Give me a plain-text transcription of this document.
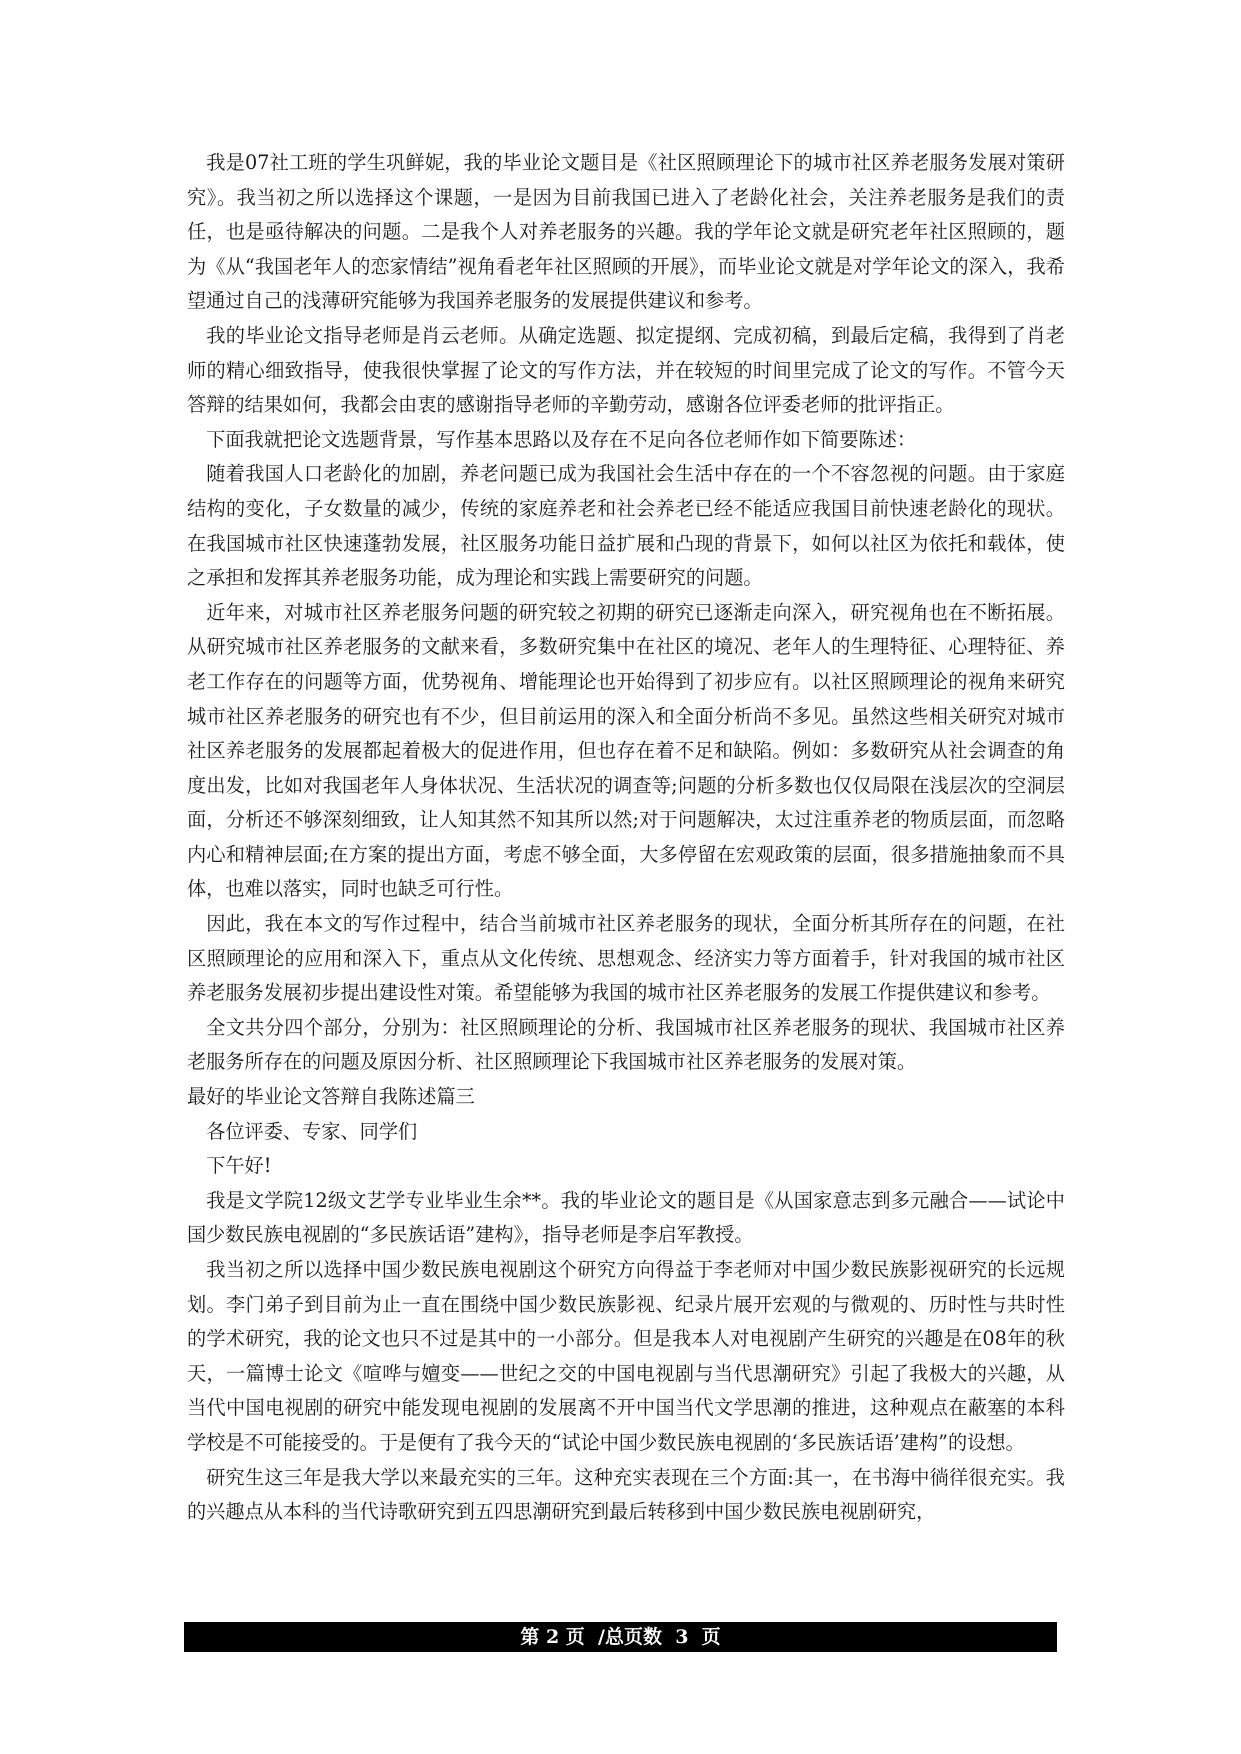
我是07社工班的学生巩鲜妮，我的毕业论文题目是《社区照顾理论下的城市社区养老服务发展对策研究》。我当初之所以选择这个课题，一是因为目前我国已进入了老龄化社会，关注养老服务是我们的责任，也是亟待解决的问题。二是我个人对养老服务的兴趣。我的学年论文就是研究老年社区照顾的，题为《从“我国老年人的恋家情结”视角看老年社区照顾的开展》，而毕业论文就是对学年论文的深入，我希望通过自己的浅薄研究能够为我国养老服务的发展提供建议和参考。

我的毕业论文指导老师是肖云老师。从确定选题、拟定提纲、完成初稿，到最后定稿，我得到了肖老师的精心细致指导，使我很快掌握了论文的写作方法，并在较短的时间里完成了论文的写作。不管今天答辩的结果如何，我都会由衷的感谢指导老师的辛勤劳动，感谢各位评委老师的批评指正。

下面我就把论文选题背景，写作基本思路以及存在不足向各位老师作如下简要陈述：

随着我国人口老龄化的加剧，养老问题已成为我国社会生活中存在的一个不容忽视的问题。由于家庭结构的变化，子女数量的减少，传统的家庭养老和社会养老已经不能适应我国目前快速老龄化的现状。在我国城市社区快速蓬勃发展，社区服务功能日益扩展和凸现的背景下，如何以社区为依托和载体，使之承担和发挥其养老服务功能，成为理论和实践上需要研究的问题。

近年来，对城市社区养老服务问题的研究较之初期的研究已逐渐走向深入，研究视角也在不断拓展。从研究城市社区养老服务的文献来看，多数研究集中在社区的境况、老年人的生理特征、心理特征、养老工作存在的问题等方面，优势视角、增能理论也开始得到了初步应有。以社区照顾理论的视角来研究城市社区养老服务的研究也有不少，但目前运用的深入和全面分析尚不多见。虽然这些相关研究对城市社区养老服务的发展都起着极大的促进作用，但也存在着不足和缺陷。例如：多数研究从社会调查的角度出发，比如对我国老年人身体状况、生活状况的调查等;问题的分析多数也仅仅局限在浅层次的空洞层面，分析还不够深刻细致，让人知其然不知其所以然;对于问题解决，太过注重养老的物质层面，而忽略内心和精神层面;在方案的提出方面，考虑不够全面，大多停留在宏观政策的层面，很多措施抽象而不具体，也难以落实，同时也缺乏可行性。

因此，我在本文的写作过程中，结合当前城市社区养老服务的现状，全面分析其所存在的问题，在社区照顾理论的应用和深入下，重点从文化传统、思想观念、经济实力等方面着手，针对我国的城市社区养老服务发展初步提出建设性对策。希望能够为我国的城市社区养老服务的发展工作提供建议和参考。

全文共分四个部分，分别为：社区照顾理论的分析、我国城市社区养老服务的现状、我国城市社区养老服务所存在的问题及原因分析、社区照顾理论下我国城市社区养老服务的发展对策。

最好的毕业论文答辩自我陈述篇三

各位评委、专家、同学们

下午好!

我是文学院12级文艺学专业毕业生余**。我的毕业论文的题目是《从国家意志到多元融合——试论中国少数民族电视剧的“多民族话语”建构》，指导老师是李启军教授。

我当初之所以选择中国少数民族电视剧这个研究方向得益于李老师对中国少数民族影视研究的长远规划。李门弟子到目前为止一直在围绕中国少数民族影视、纪录片展开宏观的与微观的、历时性与共时性的学术研究，我的论文也只不过是其中的一小部分。但是我本人对电视剧产生研究的兴趣是在08年的秋天，一篇博士论文《喧哗与嬗变——世纪之交的中国电视剧与当代思潮研究》引起了我极大的兴趣，从当代中国电视剧的研究中能发现电视剧的发展离不开中国当代文学思潮的推进，这种观点在蔽塞的本科学校是不可能接受的。于是便有了我今天的“试论中国少数民族电视剧的‘多民族话语’建构”的设想。

研究生这三年是我大学以来最充实的三年。这种充实表现在三个方面:其一，在书海中徜徉很充实。我的兴趣点从本科的当代诗歌研究到五四思潮研究到最后转移到中国少数民族电视剧研究，

第 2 页  /总页数  3  页
